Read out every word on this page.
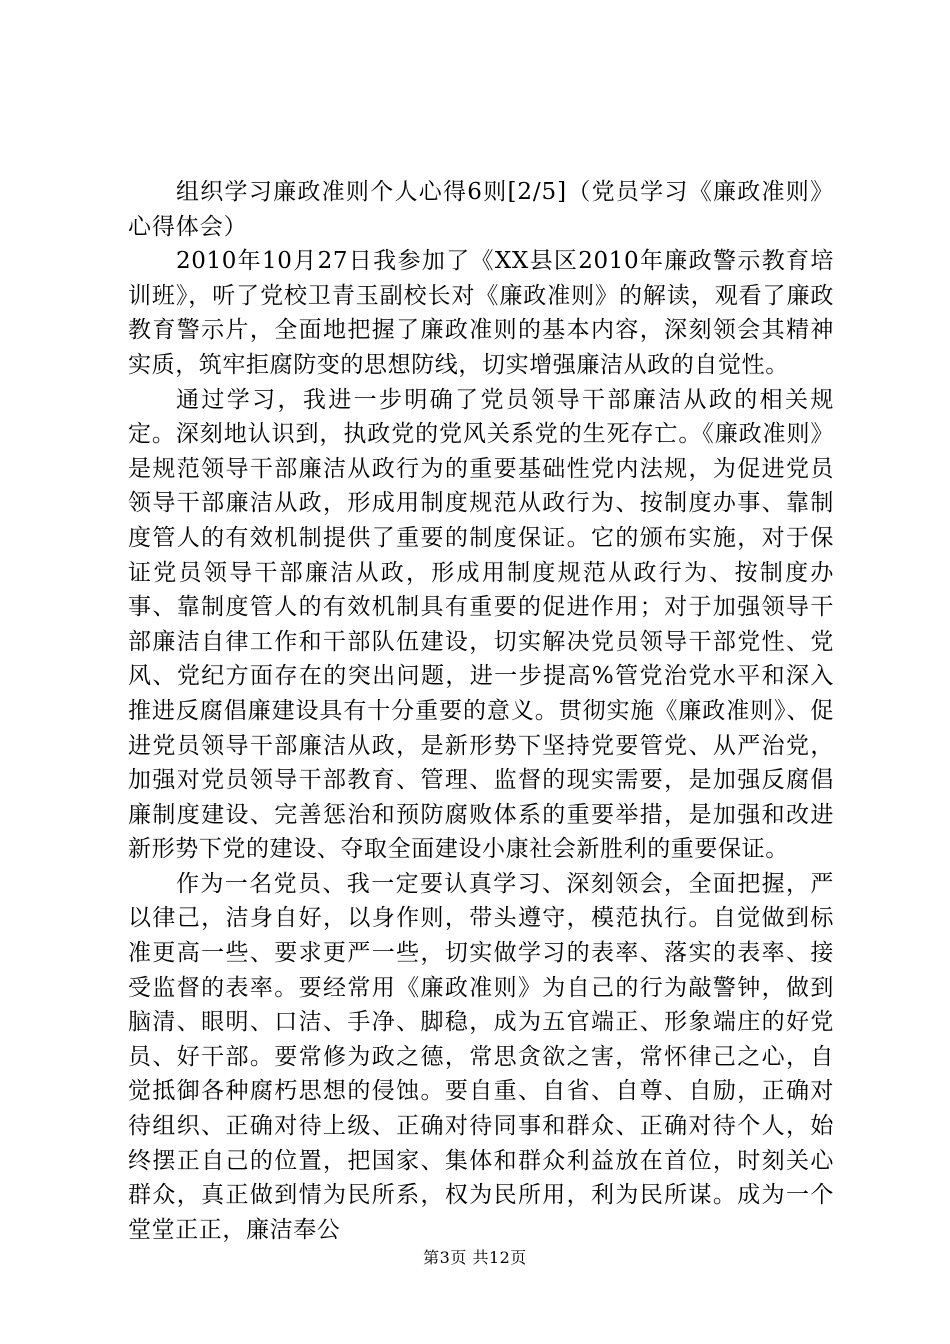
组织学习廉政准则个人心得6则[2/5]（党员学习《廉政准则》心得体会）

2010年10月27日我参加了《XX县区2010年廉政警示教育培训班》，听了党校卫青玉副校长对《廉政准则》的解读，观看了廉政教育警示片，全面地把握了廉政准则的基本内容，深刻领会其精神实质，筑牢拒腐防变的思想防线，切实增强廉洁从政的自觉性。

通过学习，我进一步明确了党员领导干部廉洁从政的相关规定。深刻地认识到，执政党的党风关系党的生死存亡。《廉政准则》是规范领导干部廉洁从政行为的重要基础性党内法规，为促进党员领导干部廉洁从政，形成用制度规范从政行为、按制度办事、靠制度管人的有效机制提供了重要的制度保证。它的颁布实施，对于保证党员领导干部廉洁从政，形成用制度规范从政行为、按制度办事、靠制度管人的有效机制具有重要的促进作用；对于加强领导干部廉洁自律工作和干部队伍建设，切实解决党员领导干部党性、党风、党纪方面存在的突出问题，进一步提高%管党治党水平和深入推进反腐倡廉建设具有十分重要的意义。贯彻实施《廉政准则》、促进党员领导干部廉洁从政，是新形势下坚持党要管党、从严治党，加强对党员领导干部教育、管理、监督的现实需要，是加强反腐倡廉制度建设、完善惩治和预防腐败体系的重要举措，是加强和改进新形势下党的建设、夺取全面建设小康社会新胜利的重要保证。

作为一名党员、我一定要认真学习、深刻领会，全面把握，严以律己，洁身自好，以身作则，带头遵守，模范执行。自觉做到标准更高一些、要求更严一些，切实做学习的表率、落实的表率、接受监督的表率。要经常用《廉政准则》为自己的行为敲警钟，做到脑清、眼明、口洁、手净、脚稳，成为五官端正、形象端庄的好党员、好干部。要常修为政之德，常思贪欲之害，常怀律己之心，自觉抵御各种腐朽思想的侵蚀。要自重、自省、自尊、自励，正确对待组织、正确对待上级、正确对待同事和群众、正确对待个人，始终摆正自己的位置，把国家、集体和群众利益放在首位，时刻关心群众，真正做到情为民所系，权为民所用，利为民所谋。成为一个堂堂正正，廉洁奉公

第3页 共12页
